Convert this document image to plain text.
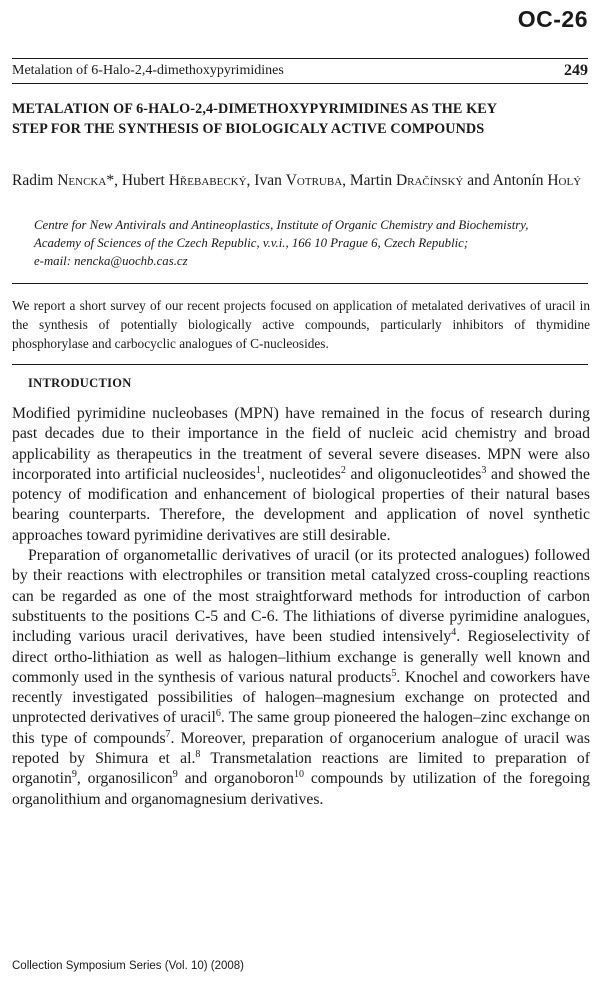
OC-26
Metalation of 6-Halo-2,4-dimethoxypyrimidines	249
METALATION OF 6-HALO-2,4-DIMETHOXYPYRIMIDINES AS THE KEY
STEP FOR THE SYNTHESIS OF BIOLOGICALY ACTIVE COMPOUNDS
Radim Nencka*, Hubert Hřebabecký, Ivan Votruba, Martin Dračínský and Antonín Holý
Centre for New Antivirals and Antineoplastics, Institute of Organic Chemistry and Biochemistry,
Academy of Sciences of the Czech Republic, v.v.i., 166 10 Prague 6, Czech Republic;
e-mail: nencka@uochb.cas.cz
We report a short survey of our recent projects focused on application of metalated derivatives of uracil in the synthesis of potentially biologically active compounds, particularly inhibitors of thymidine phosphorylase and carbocyclic analogues of C-nucleosides.
INTRODUCTION

Modified pyrimidine nucleobases (MPN) have remained in the focus of research during past decades due to their importance in the field of nucleic acid chemistry and broad applicability as therapeutics in the treatment of several severe diseases. MPN were also incorporated into artificial nucleosides$^1$, nucleotides$^2$ and oligonucleotides$^3$ and showed the potency of modification and enhancement of biological properties of their natural bases bearing counterparts. Therefore, the development and application of novel synthetic approaches toward pyrimidine derivatives are still desirable.

Preparation of organometallic derivatives of uracil (or its protected analogues) followed by their reactions with electrophiles or transition metal catalyzed cross-coupling reactions can be regarded as one of the most straightforward methods for introduction of carbon substituents to the positions C-5 and C-6. The lithiations of diverse pyrimidine analogues, including various uracil derivatives, have been studied intensively$^4$. Regioselectivity of direct ortho-lithiation as well as halogen–lithium exchange is generally well known and commonly used in the synthesis of various natural products$^5$. Knochel and coworkers have recently investigated possibilities of halogen–magnesium exchange on protected and unprotected derivatives of uracil$^6$. The same group pioneered the halogen–zinc exchange on this type of compounds$^7$. Moreover, preparation of organocerium analogue of uracil was repoted by Shimura et al.$^8$ Transmetalation reactions are limited to preparation of organotin$^9$, organosilicon$^9$ and organoboron$^{10}$ compounds by utilization of the foregoing organolithium and organomagnesium derivatives.

Collection Symposium Series (Vol. 10) (2008)
